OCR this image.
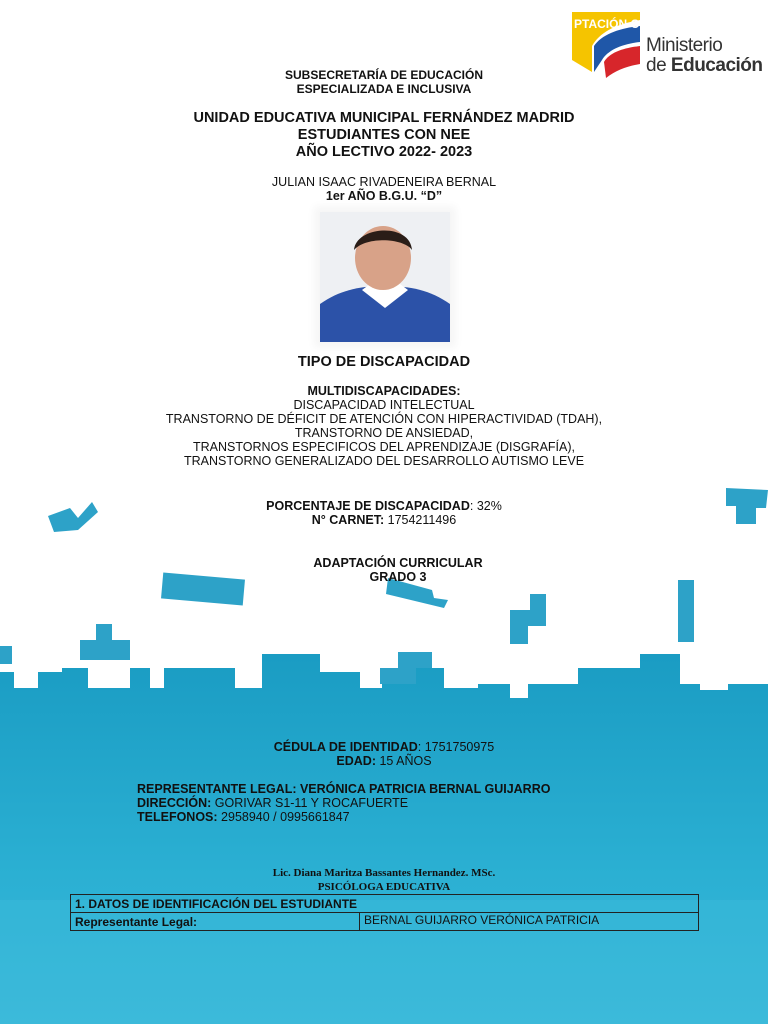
PTACIÓN C
Ministerio
de Educación
SUBSECRETARÍA DE EDUCACIÓN
ESPECIALIZADA E INCLUSIVA
UNIDAD EDUCATIVA MUNICIPAL FERNÁNDEZ MADRID
ESTUDIANTES CON NEE
AÑO LECTIVO 2022- 2023
JULIAN ISAAC RIVADENEIRA BERNAL
1er AÑO B.G.U. “D”
TIPO DE DISCAPACIDAD
MULTIDISCAPACIDADES:
DISCAPACIDAD INTELECTUAL
TRANSTORNO DE DÉFICIT DE ATENCIÓN CON HIPERACTIVIDAD (TDAH),
TRANSTORNO DE ANSIEDAD,
TRANSTORNOS ESPECIFICOS DEL APRENDIZAJE (DISGRAFÍA),
TRANSTORNO GENERALIZADO DEL DESARROLLO AUTISMO LEVE
PORCENTAJE DE DISCAPACIDAD: 32%
N° CARNET: 1754211496
ADAPTACIÓN CURRICULAR
GRADO 3
CÉDULA DE IDENTIDAD: 1751750975
EDAD: 15 AÑOS
REPRESENTANTE LEGAL: VERÓNICA PATRICIA BERNAL GUIJARRO
DIRECCIÓN: GORIVAR S1-11 Y ROCAFUERTE
TELEFONOS: 2958940 / 0995661847
Lic. Diana Maritza Bassantes Hernandez. MSc.
PSICÓLOGA EDUCATIVA
1. DATOS DE IDENTIFICACIÓN DEL ESTUDIANTE
Representante Legal:	BERNAL GUIJARRO VERÓNICA PATRICIA
